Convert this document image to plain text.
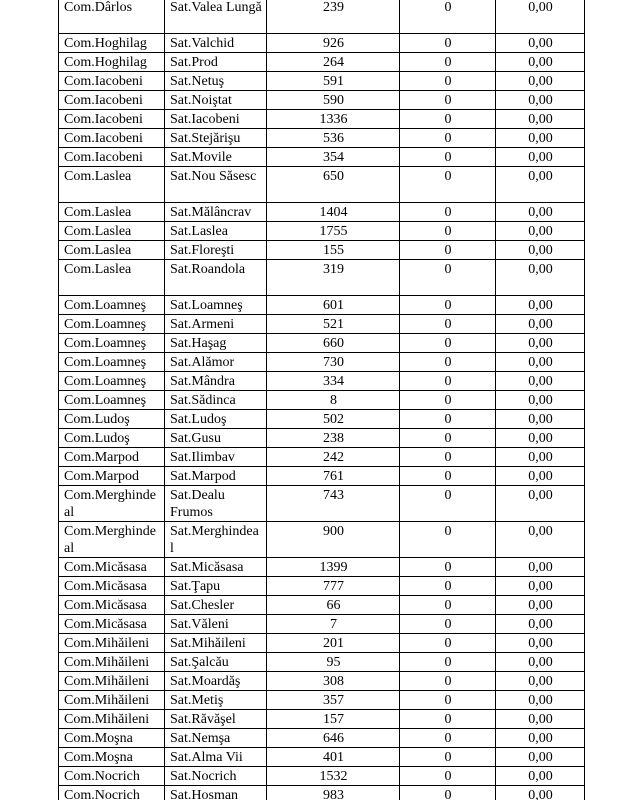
Com.Dârlos	Sat.Valea Lungă	239	0	0,00
Com.Hoghilag	Sat.Valchid	926	0	0,00
Com.Hoghilag	Sat.Prod	264	0	0,00
Com.Iacobeni	Sat.Netuş	591	0	0,00
Com.Iacobeni	Sat.Noiştat	590	0	0,00
Com.Iacobeni	Sat.Iacobeni	1336	0	0,00
Com.Iacobeni	Sat.Stejărişu	536	0	0,00
Com.Iacobeni	Sat.Movile	354	0	0,00
Com.Laslea	Sat.Nou Săsesc	650	0	0,00
Com.Laslea	Sat.Mălâncrav	1404	0	0,00
Com.Laslea	Sat.Laslea	1755	0	0,00
Com.Laslea	Sat.Floreşti	155	0	0,00
Com.Laslea	Sat.Roandola	319	0	0,00
Com.Loamneş	Sat.Loamneş	601	0	0,00
Com.Loamneş	Sat.Armeni	521	0	0,00
Com.Loamneş	Sat.Haşag	660	0	0,00
Com.Loamneş	Sat.Alămor	730	0	0,00
Com.Loamneş	Sat.Mândra	334	0	0,00
Com.Loamneş	Sat.Sădinca	8	0	0,00
Com.Ludoş	Sat.Ludoş	502	0	0,00
Com.Ludoş	Sat.Gusu	238	0	0,00
Com.Marpod	Sat.Ilimbav	242	0	0,00
Com.Marpod	Sat.Marpod	761	0	0,00
Com.Merghindeal	Sat.Dealu Frumos	743	0	0,00
Com.Merghindeal	Sat.Merghindeal	900	0	0,00
Com.Micăsasa	Sat.Micăsasa	1399	0	0,00
Com.Micăsasa	Sat.Ţapu	777	0	0,00
Com.Micăsasa	Sat.Chesler	66	0	0,00
Com.Micăsasa	Sat.Văleni	7	0	0,00
Com.Mihăileni	Sat.Mihăileni	201	0	0,00
Com.Mihăileni	Sat.Şalcău	95	0	0,00
Com.Mihăileni	Sat.Moardăş	308	0	0,00
Com.Mihăileni	Sat.Metiş	357	0	0,00
Com.Mihăileni	Sat.Răvăşel	157	0	0,00
Com.Moşna	Sat.Nemşa	646	0	0,00
Com.Moşna	Sat.Alma Vii	401	0	0,00
Com.Nocrich	Sat.Nocrich	1532	0	0,00
Com.Nocrich	Sat.Hosman	983	0	0,00
